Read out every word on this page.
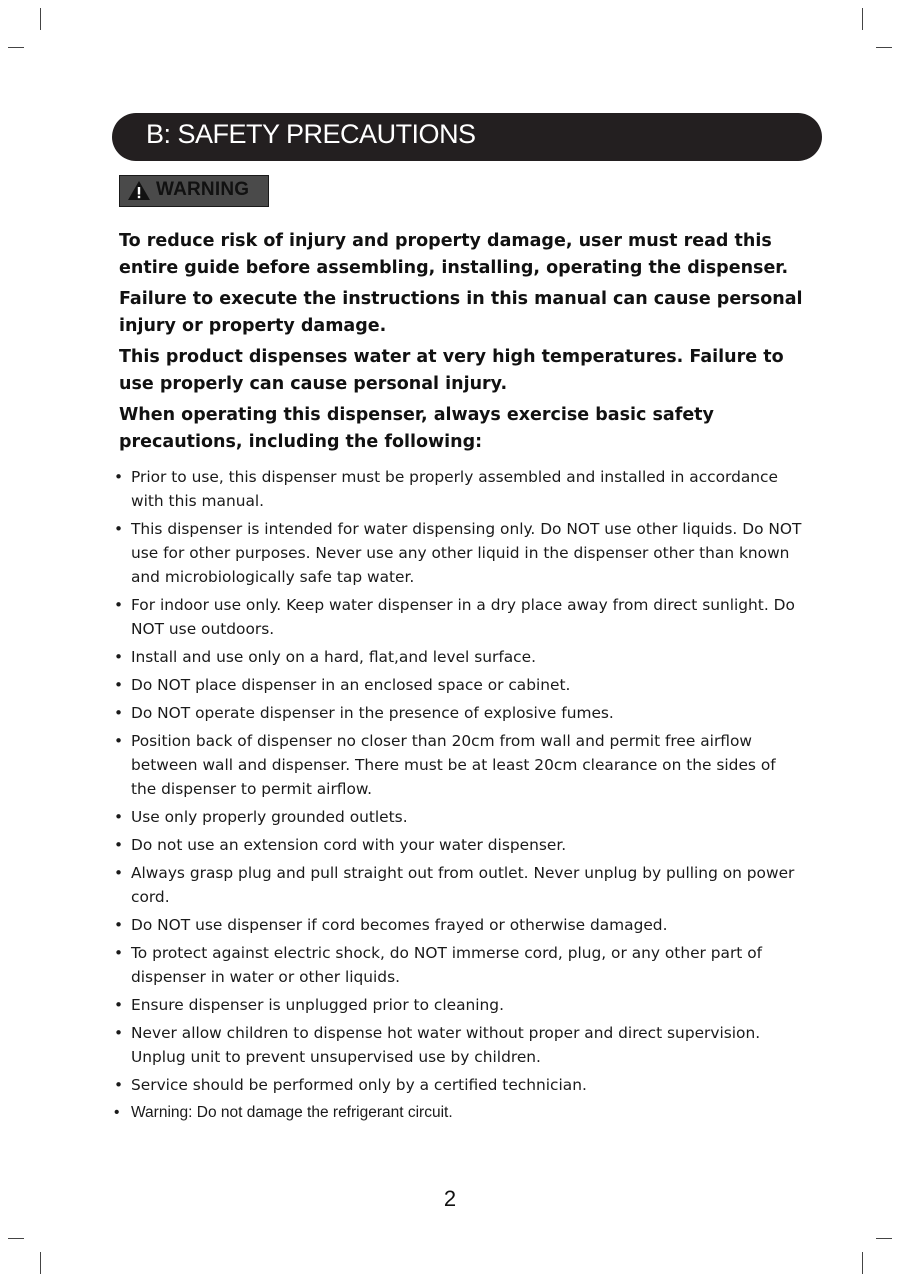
B: SAFETY PRECAUTIONS
WARNING

To reduce risk of injury and property damage, user must read this entire guide before assembling, installing, operating the dispenser.

Failure to execute the instructions in this manual can cause personal injury or property damage.

This product dispenses water at very high temperatures. Failure to use properly can cause personal injury.

When operating this dispenser, always exercise basic safety precautions, including the following:

• Prior to use, this dispenser must be properly assembled and installed in accordance with this manual.
• This dispenser is intended for water dispensing only. Do NOT use other liquids. Do NOT use for other purposes. Never use any other liquid in the dispenser other than known and microbiologically safe tap water.
• For indoor use only. Keep water dispenser in a dry place away from direct sunlight. Do NOT use outdoors.
• Install and use only on a hard, flat,and level surface.
• Do NOT place dispenser in an enclosed space or cabinet.
• Do NOT operate dispenser in the presence of explosive fumes.
• Position back of dispenser no closer than 20cm from wall and permit free airflow between wall and dispenser. There must be at least 20cm clearance on the sides of the dispenser to permit airflow.
• Use only properly grounded outlets.
• Do not use an extension cord with your water dispenser.
• Always grasp plug and pull straight out from outlet. Never unplug by pulling on power cord.
• Do NOT use dispenser if cord becomes frayed or otherwise damaged.
• To protect against electric shock, do NOT immerse cord, plug, or any other part of dispenser in water or other liquids.
• Ensure dispenser is unplugged prior to cleaning.
• Never allow children to dispense hot water without proper and direct supervision. Unplug unit to prevent unsupervised use by children.
• Service should be performed only by a certified technician.
• Warning: Do not damage the refrigerant circuit.
2
